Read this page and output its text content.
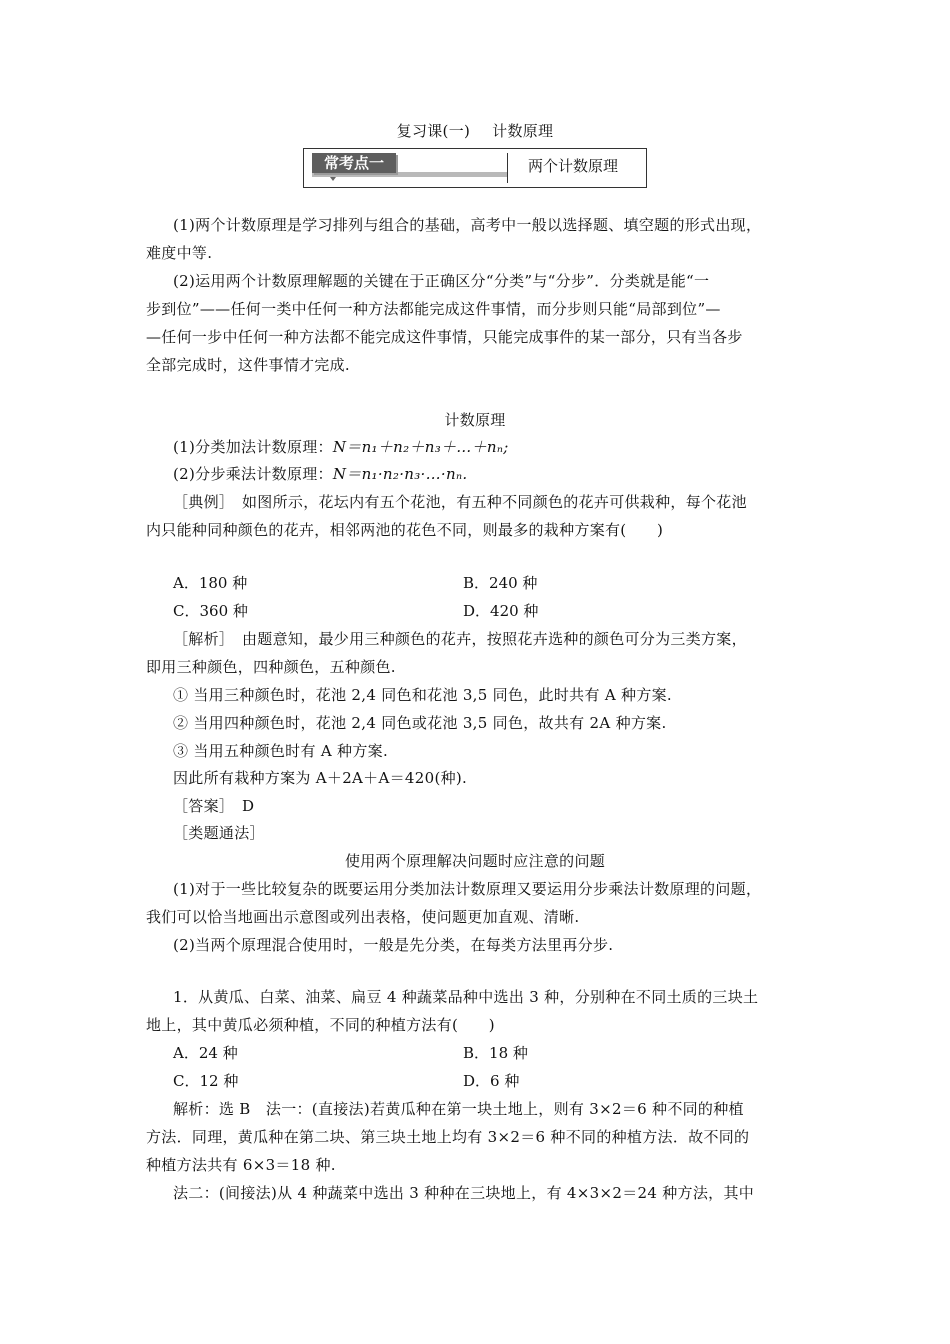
复习课(一) 计数原理
常考点一	两个计数原理
(1)两个计数原理是学习排列与组合的基础，高考中一般以选择题、填空题的形式出现，
难度中等.
(2)运用两个计数原理解题的关键在于正确区分“分类”与“分步”．分类就是能“一
步到位”——任何一类中任何一种方法都能完成这件事情，而分步则只能“局部到位”—
—任何一步中任何一种方法都不能完成这件事情，只能完成事件的某一部分，只有当各步
全部完成时，这件事情才完成.
计数原理
(1)分类加法计数原理：N＝n₁＋n₂＋n₃＋…＋nₙ;
(2)分步乘法计数原理：N＝n₁·n₂·n₃·…·nₙ.
［典例］　如图所示，花坛内有五个花池，有五种不同颜色的花卉可供栽种，每个花池
内只能种同种颜色的花卉，相邻两池的花色不同，则最多的栽种方案有(　　)
A．180 种	B．240 种
C．360 种	D．420 种
［解析］　由题意知，最少用三种颜色的花卉，按照花卉选种的颜色可分为三类方案，
即用三种颜色，四种颜色，五种颜色.
① 当用三种颜色时，花池 2,4 同色和花池 3,5 同色，此时共有 A 种方案.
② 当用四种颜色时，花池 2,4 同色或花池 3,5 同色，故共有 2A 种方案.
③ 当用五种颜色时有 A 种方案.
因此所有栽种方案为 A＋2A＋A＝420(种).
［答案］　D
［类题通法］
使用两个原理解决问题时应注意的问题
(1)对于一些比较复杂的既要运用分类加法计数原理又要运用分步乘法计数原理的问题，
我们可以恰当地画出示意图或列出表格，使问题更加直观、清晰.
(2)当两个原理混合使用时，一般是先分类，在每类方法里再分步.
1．从黄瓜、白菜、油菜、扁豆 4 种蔬菜品种中选出 3 种，分别种在不同土质的三块土
地上，其中黄瓜必须种植，不同的种植方法有(　　)
A．24 种	B．18 种
C．12 种	D．6 种
解析：选 B　法一：(直接法)若黄瓜种在第一块土地上，则有 3×2＝6 种不同的种植
方法．同理，黄瓜种在第二块、第三块土地上均有 3×2＝6 种不同的种植方法．故不同的
种植方法共有 6×3＝18 种.
法二：(间接法)从 4 种蔬菜中选出 3 种种在三块地上，有 4×3×2＝24 种方法，其中
